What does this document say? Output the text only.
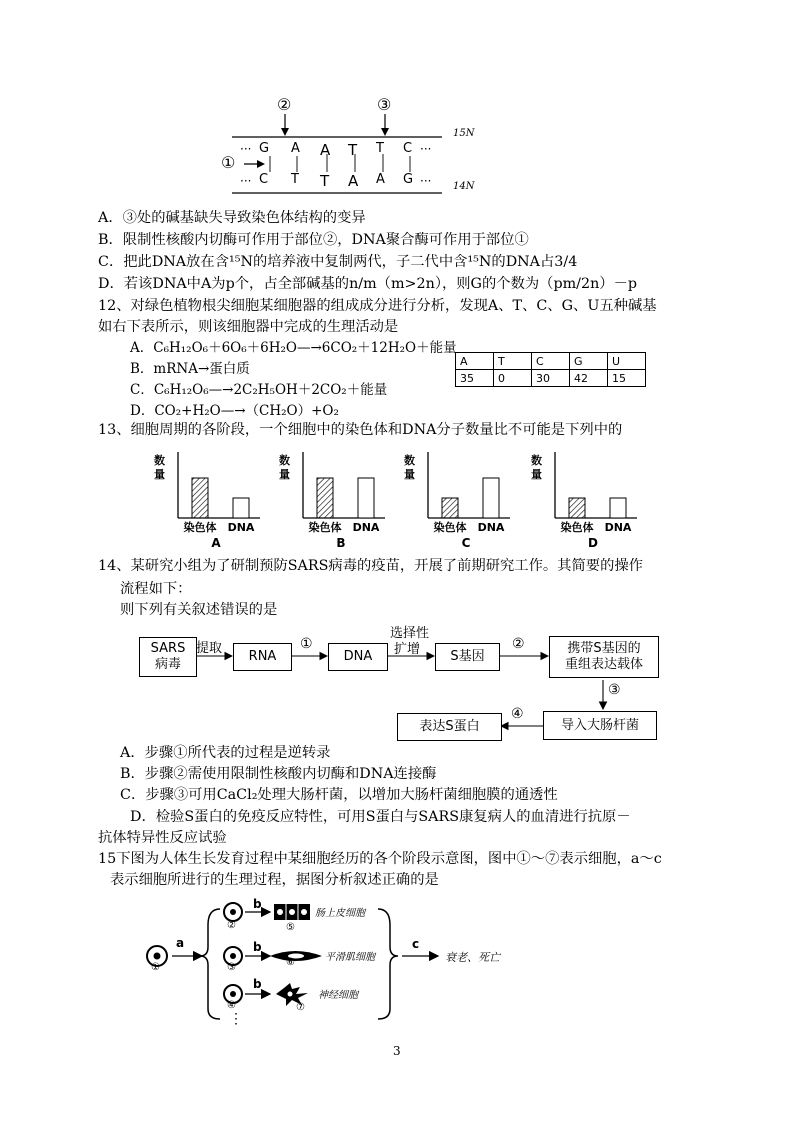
②	③
①
···
···
···
···
15N
14N
A．③处的碱基缺失导致染色体结构的变异
B．限制性核酸内切酶可作用于部位②，DNA聚合酶可作用于部位①
C．把此DNA放在含¹⁵N的培养液中复制两代，子二代中含¹⁵N的DNA占3/4
D．若该DNA中A为p个，占全部碱基的n/m（m>2n），则G的个数为（pm/2n）－p
12、对绿色植物根尖细胞某细胞器的组成成分进行分析，发现A、T、C、G、U五种碱基
如右下表所示，则该细胞器中完成的生理活动是
A．C₆H₁₂O₆＋6O₆＋6H₂O—→6CO₂＋12H₂O＋能量
B．mRNA→蛋白质
C．C₆H₁₂O₆—→2C₂H₅OH＋2CO₂＋能量
D．CO₂+H₂O—→（CH₂O）+O₂
A	T	C	G	U
35	0	30	42	15
13、细胞周期的各阶段，一个细胞中的染色体和DNA分子数量比不可能是下列中的
数
量
染色体 DNA
A
数
量
染色体 DNA
B
数
量
染色体 DNA
C
数
量
染色体 DNA
D
14、某研究小组为了研制预防SARS病毒的疫苗，开展了前期研究工作。其简要的操作
流程如下：
则下列有关叙述错误的是
SARS
病毒
提取
RNA
①
DNA
选择性
扩增 S基因
②	携带S基因的
重组表达载体
③
导入大肠杆菌
④
表达S蛋白
A．步骤①所代表的过程是逆转录
B．步骤②需使用限制性核酸内切酶和DNA连接酶
C．步骤③可用CaCl₂处理大肠杆菌，以增加大肠杆菌细胞膜的通透性
D．检验S蛋白的免疫反应特性，可用S蛋白与SARS康复病人的血清进行抗原－
抗体特异性反应试验
15下图为人体生长发育过程中某细胞经历的各个阶段示意图，图中①～⑦表示细胞，a～c
表示细胞所进行的生理过程，据图分析叙述正确的是
a
b
b
b
c
①
②
③
④
⑤
⑥
⑦
肠上皮细胞
平滑肌细胞
神经细胞
衰老、死亡
⋮
3
G A A T T C
C T T A A G
